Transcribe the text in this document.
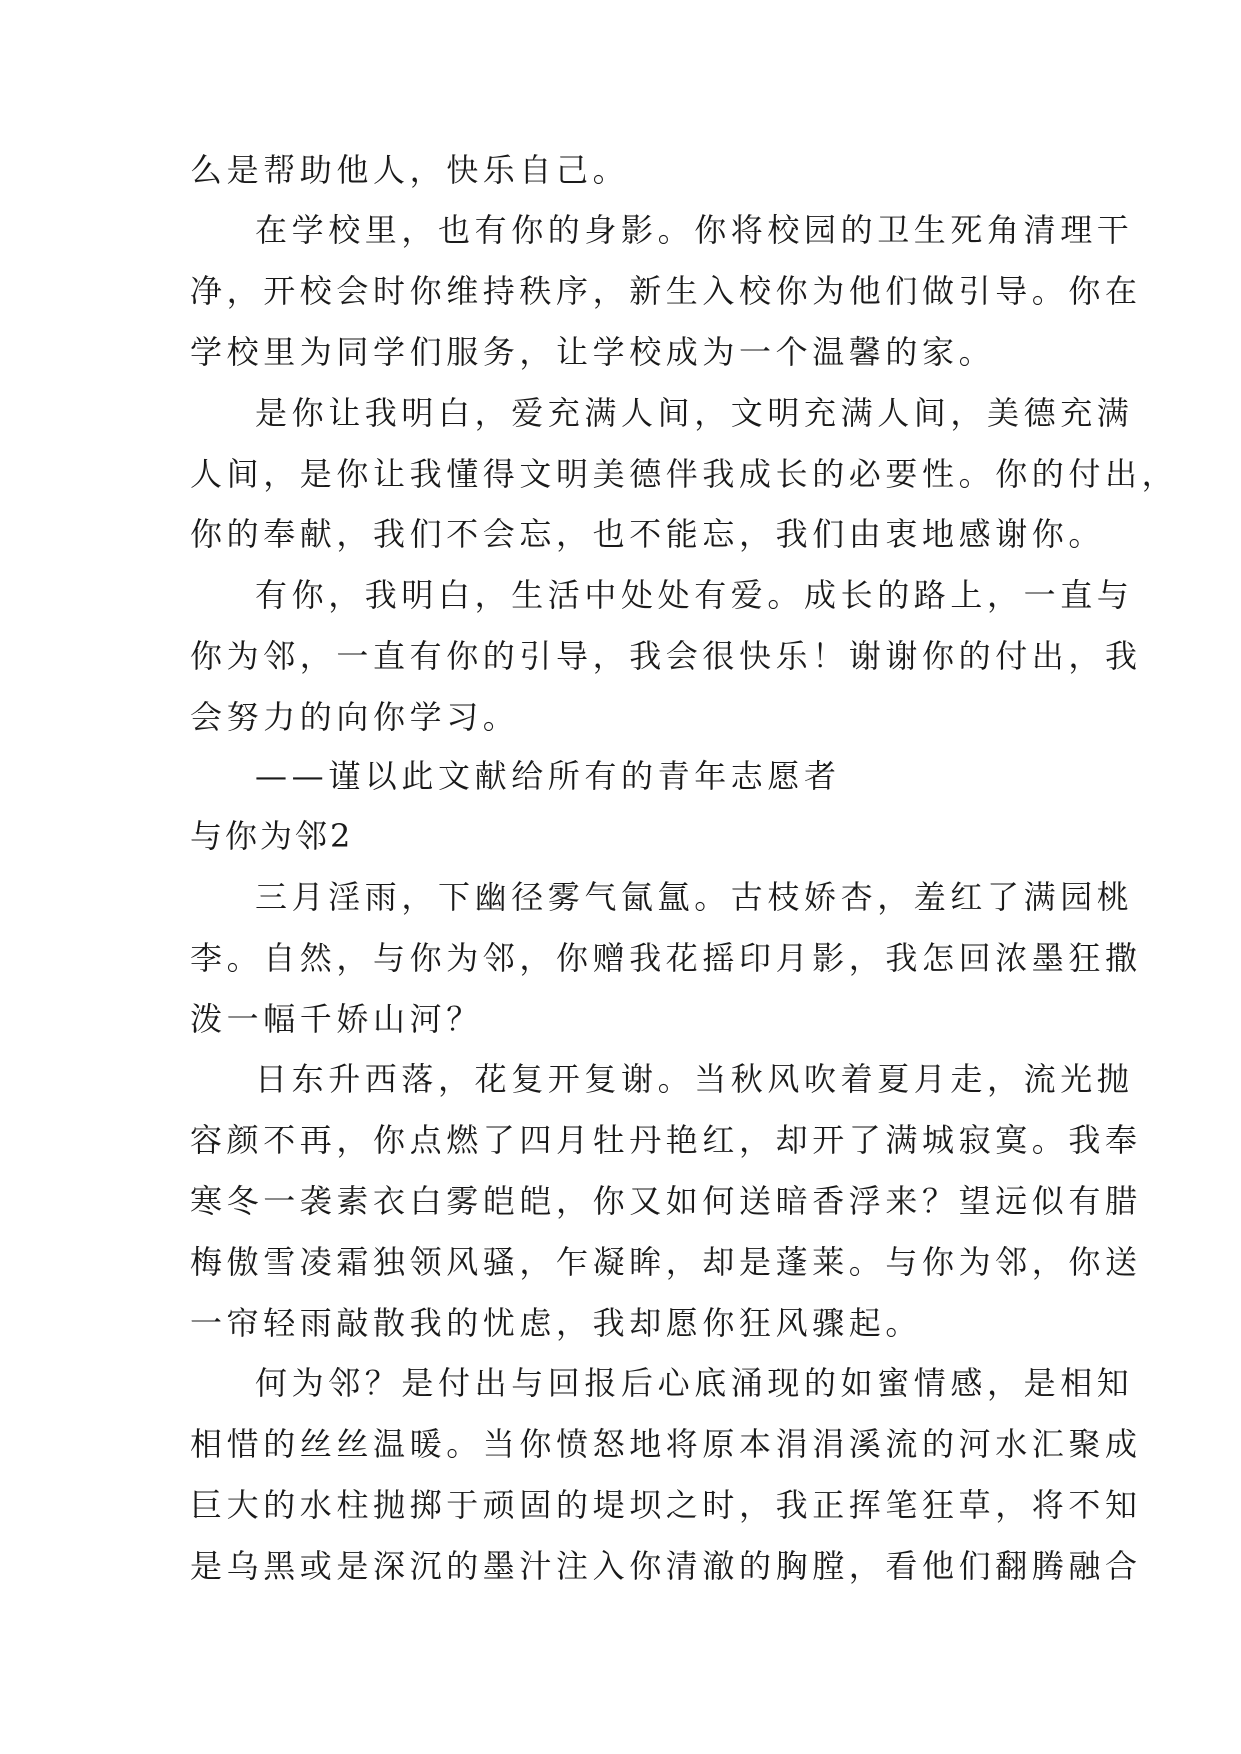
么是帮助他人，快乐自己。
在学校里，也有你的身影。你将校园的卫生死角清理干
净，开校会时你维持秩序，新生入校你为他们做引导。你在
学校里为同学们服务，让学校成为一个温馨的家。
是你让我明白，爱充满人间，文明充满人间，美德充满
人间，是你让我懂得文明美德伴我成长的必要性。你的付出，
你的奉献，我们不会忘，也不能忘，我们由衷地感谢你。
有你，我明白，生活中处处有爱。成长的路上，一直与
你为邻，一直有你的引导，我会很快乐！谢谢你的付出，我
会努力的向你学习。
——谨以此文献给所有的青年志愿者
与你为邻2
三月淫雨，下幽径雾气氤氲。古枝娇杏，羞红了满园桃
李。自然，与你为邻，你赠我花摇印月影，我怎回浓墨狂撒
泼一幅千娇山河？
日东升西落，花复开复谢。当秋风吹着夏月走，流光抛
容颜不再，你点燃了四月牡丹艳红，却开了满城寂寞。我奉
寒冬一袭素衣白雾皑皑，你又如何送暗香浮来？望远似有腊
梅傲雪凌霜独领风骚，乍凝眸，却是蓬莱。与你为邻，你送
一帘轻雨敲散我的忧虑，我却愿你狂风骤起。
何为邻？是付出与回报后心底涌现的如蜜情感，是相知
相惜的丝丝温暖。当你愤怒地将原本涓涓溪流的河水汇聚成
巨大的水柱抛掷于顽固的堤坝之时，我正挥笔狂草，将不知
是乌黑或是深沉的墨汁注入你清澈的胸膛，看他们翻腾融合
